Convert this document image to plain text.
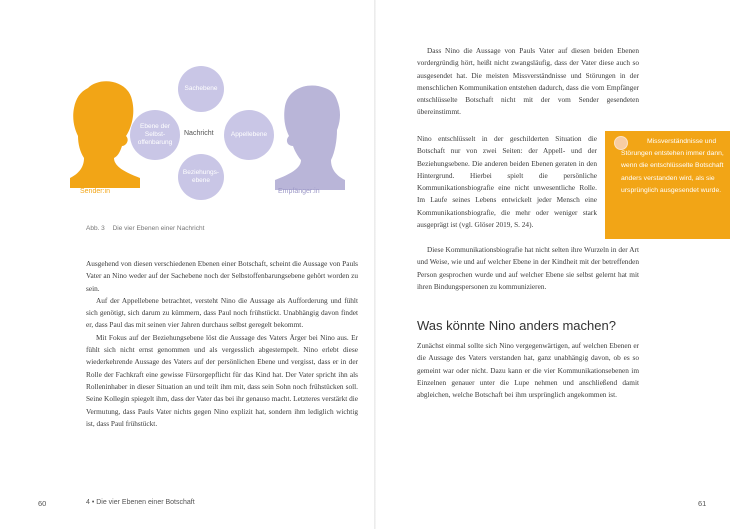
Sender:in	Empfänger:in
Sachebene
Ebene der Selbst-offenbarung
Appellebene
Beziehungs-ebene
Nachricht
Abb. 3 Die vier Ebenen einer Nachricht

Ausgehend von diesen verschiedenen Ebenen einer Botschaft, scheint die Aussage von Pauls Vater an Nino weder auf der Sachebene noch der Selbstoffenbarungsebene gehört worden zu sein.

Auf der Appellebene betrachtet, versteht Nino die Aussage als Aufforderung und fühlt sich genötigt, sich darum zu kümmern, dass Paul noch frühstückt. Unabhängig davon findet er, dass Paul das mit seinen vier Jahren durchaus selbst geregelt bekommt.

Mit Fokus auf der Beziehungsebene löst die Aussage des Vaters Ärger bei Nino aus. Er fühlt sich nicht ernst genommen und als vergesslich abgestempelt. Nino erlebt diese wiederkehrende Aussage des Vaters auf der persönlichen Ebene und vergisst, dass er in der Rolle der Fachkraft eine gewisse Fürsorgepflicht für das Kind hat. Der Vater spricht ihn als Rolleninhaber in dieser Situation an und teilt ihm mit, dass sein Sohn noch frühstücken soll. Seine Kollegin spiegelt ihm, dass der Vater das bei ihr genauso macht. Letzteres verstärkt die Vermutung, dass Pauls Vater nichts gegen Nino explizit hat, sondern ihm lediglich wichtig ist, dass Paul frühstückt.

Dass Nino die Aussage von Pauls Vater auf diesen beiden Ebenen vordergründig hört, heißt nicht zwangsläufig, dass der Vater diese auch so ausgesendet hat. Die meisten Missverständnisse und Störungen in der menschlichen Kommunikation entstehen dadurch, dass die vom Empfänger entschlüsselte Botschaft nicht mit der vom Sender gesendeten übereinstimmt.
Nino entschlüsselt in der geschilderten Situation die Botschaft nur von zwei Seiten: der Appell- und der Beziehungsebene. Die anderen beiden Ebenen geraten in den Hintergrund. Hierbei spielt die persönliche Kommunikationsbiografie eine nicht unwesentliche Rolle. Im Laufe seines Lebens entwickelt jeder Mensch eine Kommunikationsbiografie, die mehr oder weniger stark ausgeprägt ist (vgl. Glöser 2019, S. 24).
Diese Kommunikationsbiografie hat nicht selten ihre Wurzeln in der Art und Weise, wie und auf welcher Ebene in der Kindheit mit der betreffenden Person gesprochen wurde und auf welcher Ebene sie selbst gelernt hat mit ihren Bindungspersonen zu kommunizieren.
Was könnte Nino anders machen?
Zunächst einmal sollte sich Nino vergegenwärtigen, auf welchen Ebenen er die Aussage des Vaters verstanden hat, ganz unabhängig davon, ob es so gemeint war oder nicht. Dazu kann er die vier Kommunikationsebenen im Einzelnen genauer unter die Lupe nehmen und anschließend damit abgleichen, welche Botschaft bei ihm ursprünglich angekommen ist.
Missverständnisse und Störungen entstehen immer dann, wenn die entschlüsselte Botschaft anders verstanden wird, als sie ursprünglich ausgesendet wurde.
60	4 • Die vier Ebenen einer Botschaft	61
